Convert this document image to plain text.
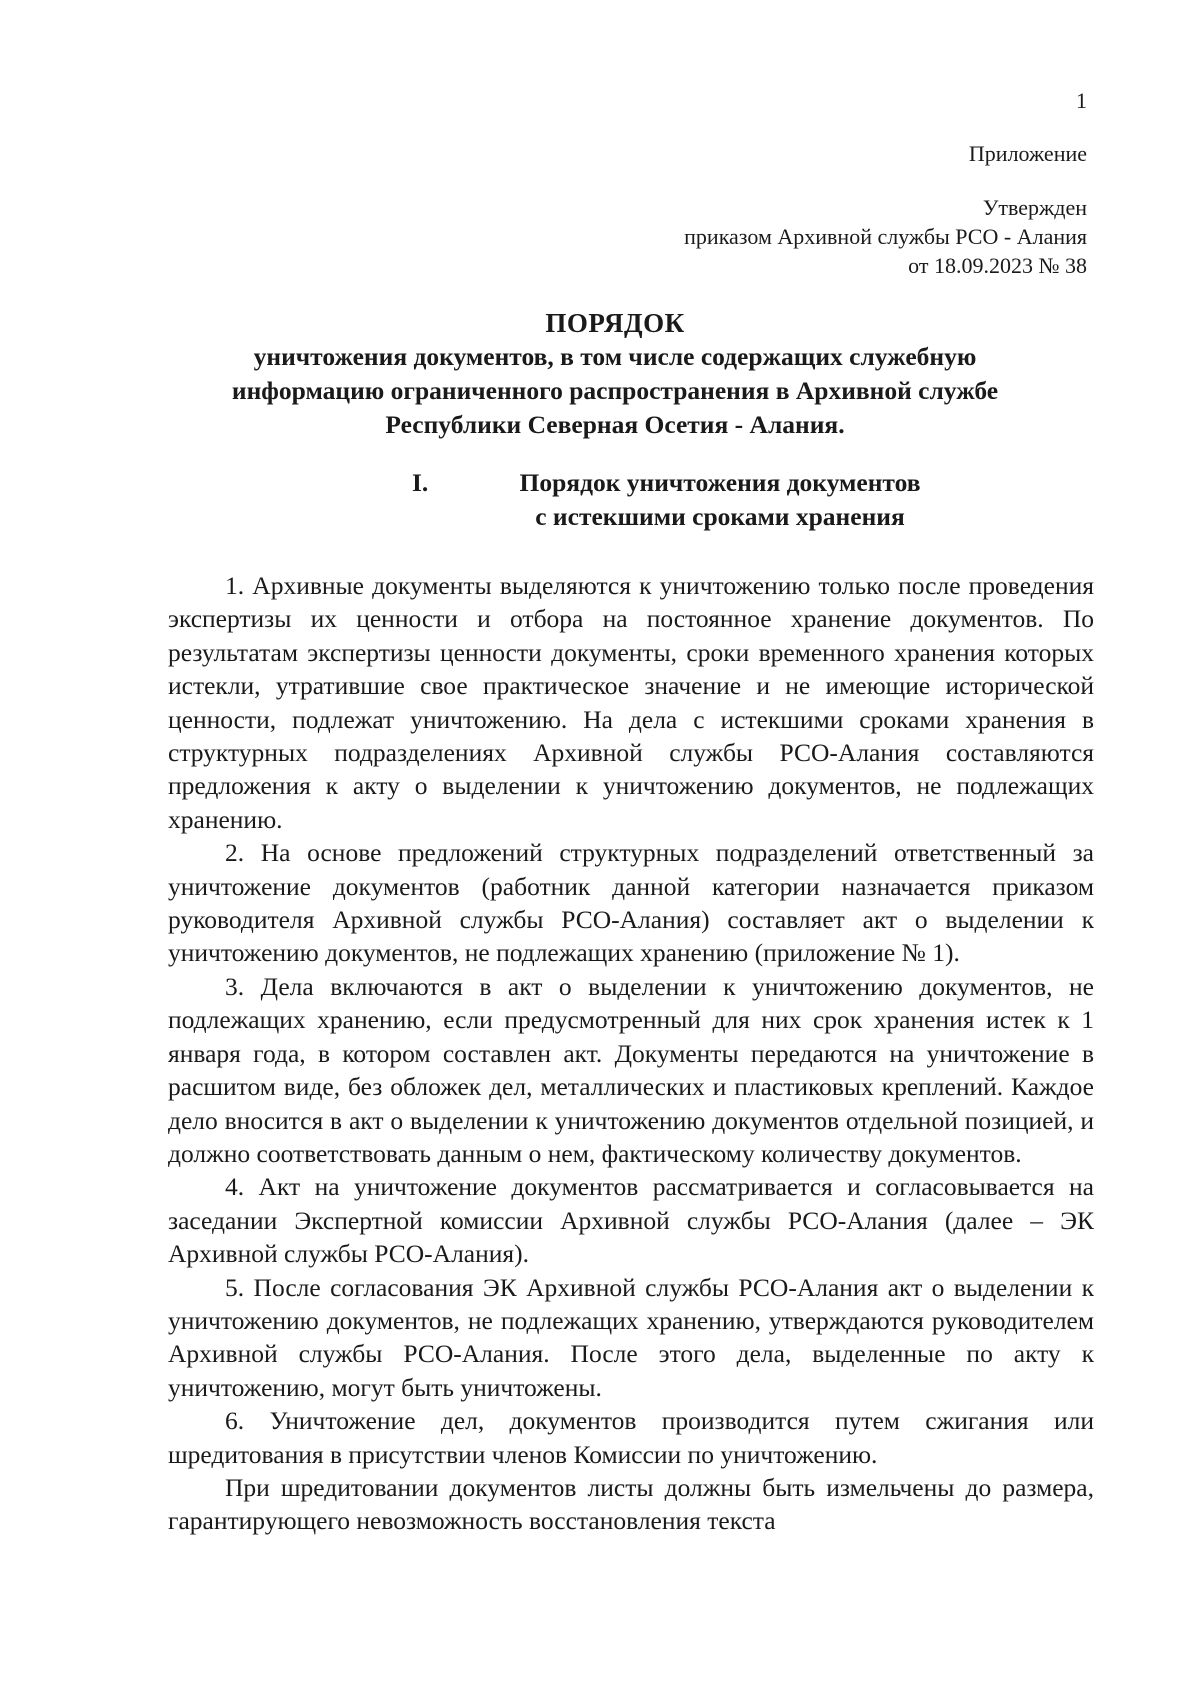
1
Приложение
Утвержден
приказом Архивной службы РСО - Алания
от 18.09.2023 № 38
ПОРЯДОК
уничтожения документов, в том числе содержащих служебную
информацию ограниченного распространения в Архивной службе
Республики Северная Осетия - Алания.
I.	Порядок уничтожения документов
с истекшими сроками хранения

1. Архивные документы выделяются к уничтожению только после проведения экспертизы их ценности и отбора на постоянное хранение документов. По результатам экспертизы ценности документы, сроки временного хранения которых истекли, утратившие свое практическое значение и не имеющие исторической ценности, подлежат уничтожению. На дела с истекшими сроками хранения в структурных подразделениях Архивной службы РСО-Алания составляются предложения к акту о выделении к уничтожению документов, не подлежащих хранению.

2. На основе предложений структурных подразделений ответственный за уничтожение документов (работник данной категории назначается приказом руководителя Архивной службы РСО-Алания) составляет акт о выделении к уничтожению документов, не подлежащих хранению (приложение № 1).

3. Дела включаются в акт о выделении к уничтожению документов, не подлежащих хранению, если предусмотренный для них срок хранения истек к 1 января года, в котором составлен акт. Документы передаются на уничтожение в расшитом виде, без обложек дел, металлических и пластиковых креплений. Каждое дело вносится в акт о выделении к уничтожению документов отдельной позицией, и должно соответствовать данным о нем, фактическому количеству документов.

4. Акт на уничтожение документов рассматривается и согласовывается на заседании Экспертной комиссии Архивной службы РСО-Алания (далее – ЭК Архивной службы РСО-Алания).

5. После согласования ЭК Архивной службы РСО-Алания акт о выделении к уничтожению документов, не подлежащих хранению, утверждаются руководителем Архивной службы РСО-Алания. После этого дела, выделенные по акту к уничтожению, могут быть уничтожены.

6. Уничтожение дел, документов производится путем сжигания или шредитования в присутствии членов Комиссии по уничтожению.

При шредитовании документов листы должны быть измельчены до размера, гарантирующего невозможность восстановления текста
